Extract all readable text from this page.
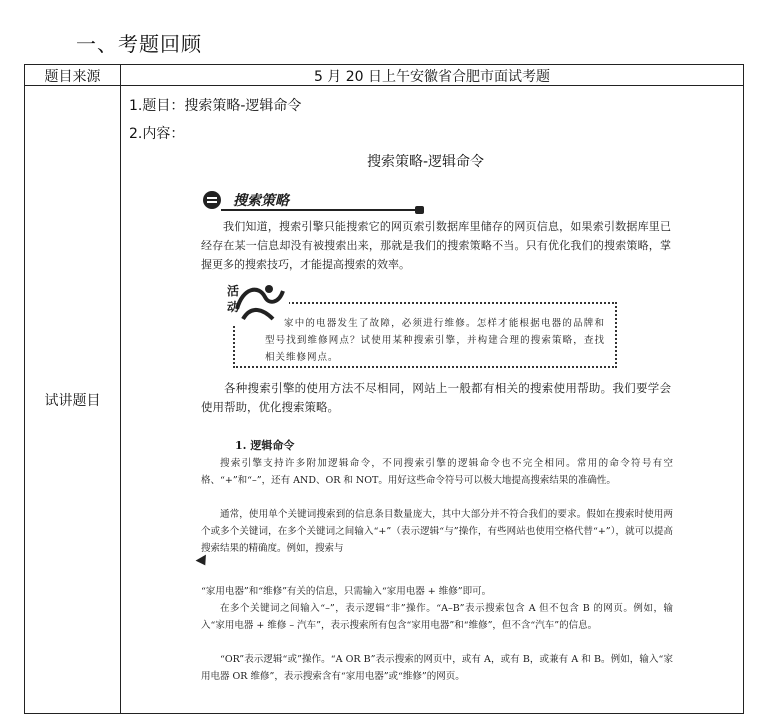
一、考题回顾
题目来源	5 月 20 日上午安徽省合肥市面试考题
试讲题目
1.题目：搜索策略-逻辑命令
2.内容：
搜索策略-逻辑命令
搜索策略
我们知道，搜索引擎只能搜索它的网页索引数据库里储存的网页信息，如果索引数据库里已经存在某一信息却没有被搜索出来，那就是我们的搜索策略不当。只有优化我们的搜索策略，掌握更多的搜索技巧，才能提高搜索的效率。
活动
家中的电器发生了故障，必须进行维修。怎样才能根据电器的品牌和型号找到维修网点？试使用某种搜索引擎，并构建合理的搜索策略，查找相关维修网点。
各种搜索引擎的使用方法不尽相同，网站上一般都有相关的搜索使用帮助。我们要学会使用帮助，优化搜索策略。
1. 逻辑命令
搜索引擎支持许多附加逻辑命令，不同搜索引擎的逻辑命令也不完全相同。常用的命令符号有空格、“+”和“–”，还有 AND、OR 和 NOT。用好这些命令符号可以极大地提高搜索结果的准确性。
通常，使用单个关键词搜索到的信息条目数量庞大，其中大部分并不符合我们的要求。假如在搜索时使用两个或多个关键词，在多个关键词之间输入“+”（表示逻辑“与”操作，有些网站也使用空格代替“+”），就可以提高搜索结果的精确度。例如，搜索与
“家用电器”和“维修”有关的信息，只需输入“家用电器 + 维修”即可。
在多个关键词之间输入“–”，表示逻辑“非”操作。“A–B”表示搜索包含 A 但不包含 B 的网页。例如，输入“家用电器 + 维修 – 汽车”，表示搜索所有包含“家用电器”和“维修”，但不含“汽车”的信息。
“OR”表示逻辑“或”操作。“A OR B”表示搜索的网页中，或有 A，或有 B，或兼有 A 和 B。例如，输入“家用电器 OR 维修”，表示搜索含有“家用电器”或“维修”的网页。
